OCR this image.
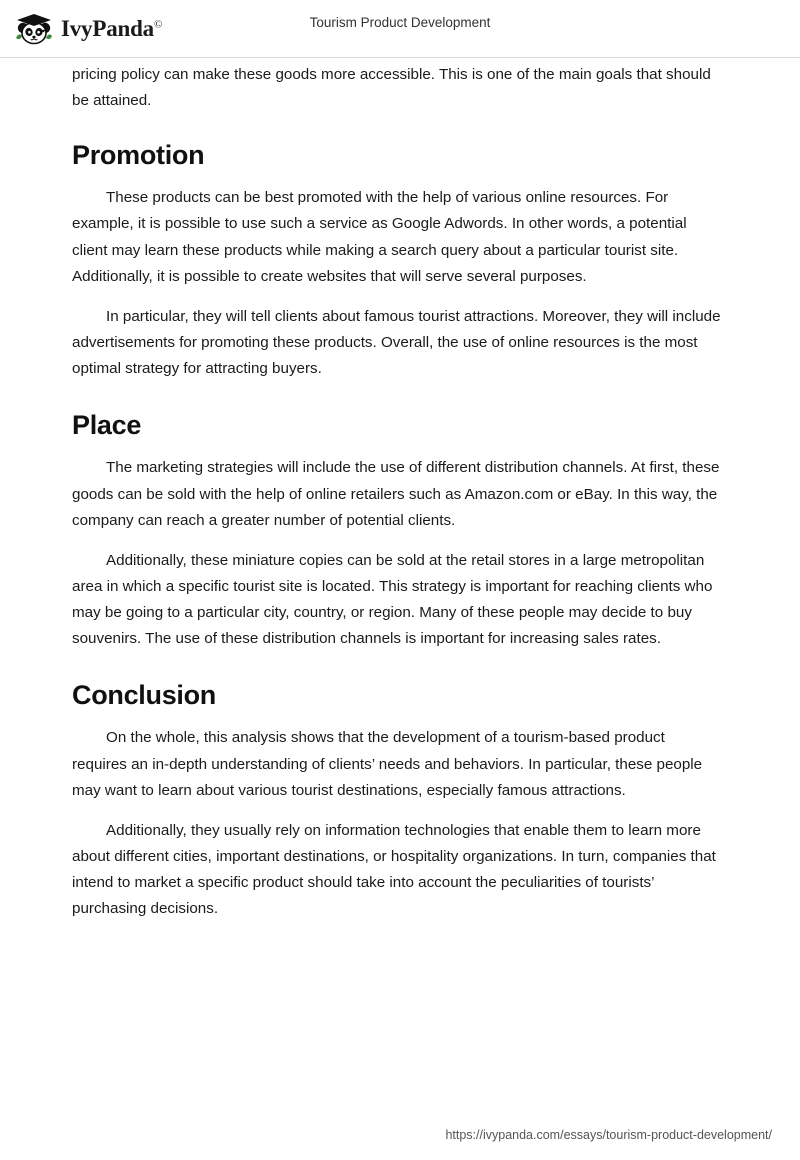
IvyPanda©	Tourism Product Development

pricing policy can make these goods more accessible. This is one of the main goals that should be attained.

Promotion

These products can be best promoted with the help of various online resources. For example, it is possible to use such a service as Google Adwords. In other words, a potential client may learn these products while making a search query about a particular tourist site. Additionally, it is possible to create websites that will serve several purposes.

In particular, they will tell clients about famous tourist attractions. Moreover, they will include advertisements for promoting these products. Overall, the use of online resources is the most optimal strategy for attracting buyers.

Place

The marketing strategies will include the use of different distribution channels. At first, these goods can be sold with the help of online retailers such as Amazon.com or eBay. In this way, the company can reach a greater number of potential clients.

Additionally, these miniature copies can be sold at the retail stores in a large metropolitan area in which a specific tourist site is located. This strategy is important for reaching clients who may be going to a particular city, country, or region. Many of these people may decide to buy souvenirs. The use of these distribution channels is important for increasing sales rates.

Conclusion

On the whole, this analysis shows that the development of a tourism-based product requires an in-depth understanding of clients’ needs and behaviors. In particular, these people may want to learn about various tourist destinations, especially famous attractions.

Additionally, they usually rely on information technologies that enable them to learn more about different cities, important destinations, or hospitality organizations. In turn, companies that intend to market a specific product should take into account the peculiarities of tourists’ purchasing decisions.

https://ivypanda.com/essays/tourism-product-development/
